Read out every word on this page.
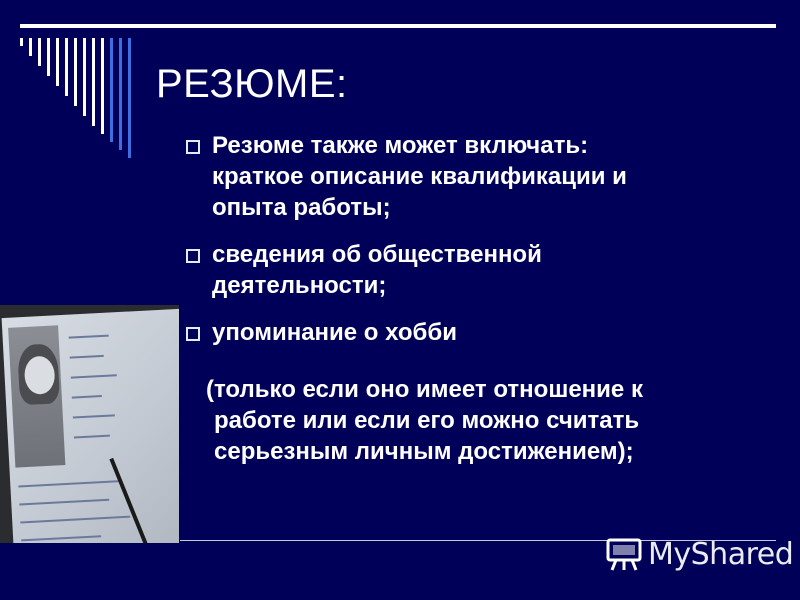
РЕЗЮМЕ:
Резюме также может включать:
краткое описание квалификации и
опыта работы;
сведения об общественной
деятельности;
упоминание о хобби
(только если оно имеет отношение к
работе или если его можно считать
серьезным личным достижением);
MyShared
